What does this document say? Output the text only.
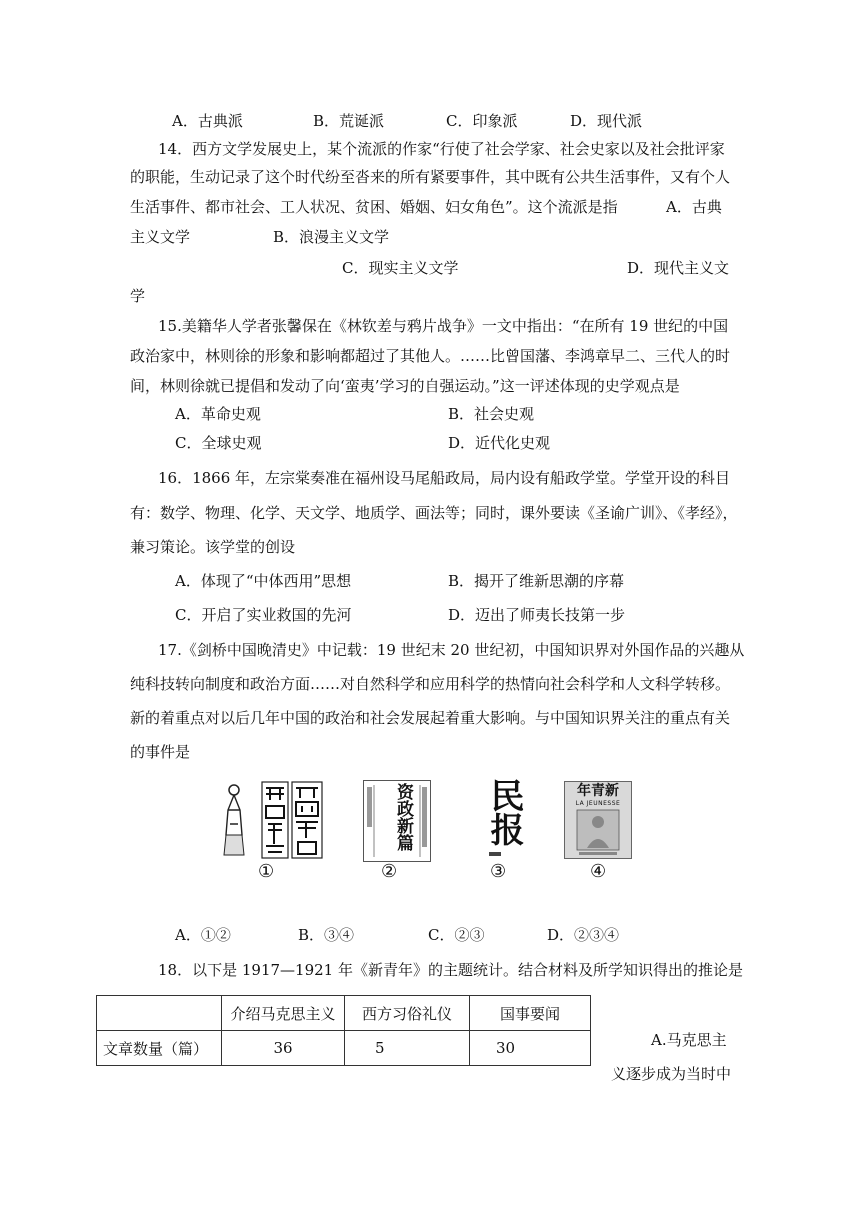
A．古典派	B．荒诞派	C．印象派	D．现代派
14．西方文学发展史上，某个流派的作家“行使了社会学家、社会史家以及社会批评家
的职能，生动记录了这个时代纷至沓来的所有紧要事件，其中既有公共生活事件，又有个人
生活事件、都市社会、工人状况、贫困、婚姻、妇女角色”。这个流派是指	A．古典
主义文学	B．浪漫主义文学
C．现实主义文学	D．现代主义文
学
15.美籍华人学者张馨保在《林钦差与鸦片战争》一文中指出：“在所有 19 世纪的中国
政治家中，林则徐的形象和影响都超过了其他人。……比曾国藩、李鸿章早二、三代人的时
间，林则徐就已提倡和发动了向‘蛮夷’学习的自强运动。”这一评述体现的史学观点是
A．革命史观	B．社会史观
C．全球史观	D．近代化史观
16．1866 年，左宗棠奏准在福州设马尾船政局，局内设有船政学堂。学堂开设的科目
有：数学、物理、化学、天文学、地质学、画法等；同时，课外要读《圣谕广训》、《孝经》，
兼习策论。该学堂的创设
A．体现了“中体西用”思想	B．揭开了维新思潮的序幕
C．开启了实业救国的先河	D．迈出了师夷长技第一步
17.《剑桥中国晚清史》中记载：19 世纪末 20 世纪初，中国知识界对外国作品的兴趣从
纯科技转向制度和政治方面……对自然科学和应用科学的热情向社会科学和人文科学转移。
新的着重点对以后几年中国的政治和社会发展起着重大影响。与中国知识界关注的重点有关
的事件是
资政新篇	民报	新青年
LA JEUNESSE
①	②	③	④
A．①②	B．③④	C．②③	D．②③④
18．以下是 1917—1921 年《新青年》的主题统计。结合材料及所学知识得出的推论是
	介绍马克思主义	西方习俗礼仪	国事要闻
文章数量（篇）	36	5	30	A.马克思主
义逐步成为当时中
